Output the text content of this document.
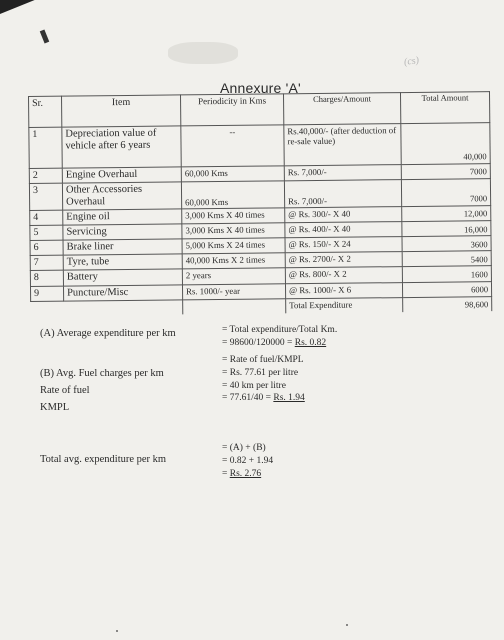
(cs)
Annexure 'A'
Sr.	Item	Periodicity in Kms	Charges/Amount	Total Amount
1	Depreciation value of vehicle after 6 years	--	Rs.40,000/- (after deduction of re-sale value)	40,000
2	Engine Overhaul	60,000 Kms	Rs. 7,000/-	7000
3	Other Accessories Overhaul	60,000 Kms	Rs. 7,000/-	7000
4	Engine oil	3,000 Kms X 40 times	@ Rs. 300/- X 40	12,000
5	Servicing	3,000 Kms X 40 times	@ Rs. 400/- X 40	16,000
6	Brake liner	5,000 Kms X 24 times	@ Rs. 150/- X 24	3600
7	Tyre, tube	40,000 Kms X 2 times	@ Rs. 2700/- X 2	5400
8	Battery	2 years	@ Rs. 800/- X 2	1600
9	Puncture/Misc	Rs. 1000/- year	@ Rs. 1000/- X 6	6000
			Total Expenditure	98,600
(A) Average expenditure per km	= Total expenditure/Total Km.
= 98600/120000 = Rs. 0.82
(B) Avg. Fuel charges per km
Rate of fuel
KMPL
= Rate of fuel/KMPL
= Rs. 77.61 per litre
= 40 km per litre
= 77.61/40 = Rs. 1.94
Total avg. expenditure per km
= (A) + (B)
= 0.82 + 1.94
= Rs. 2.76
